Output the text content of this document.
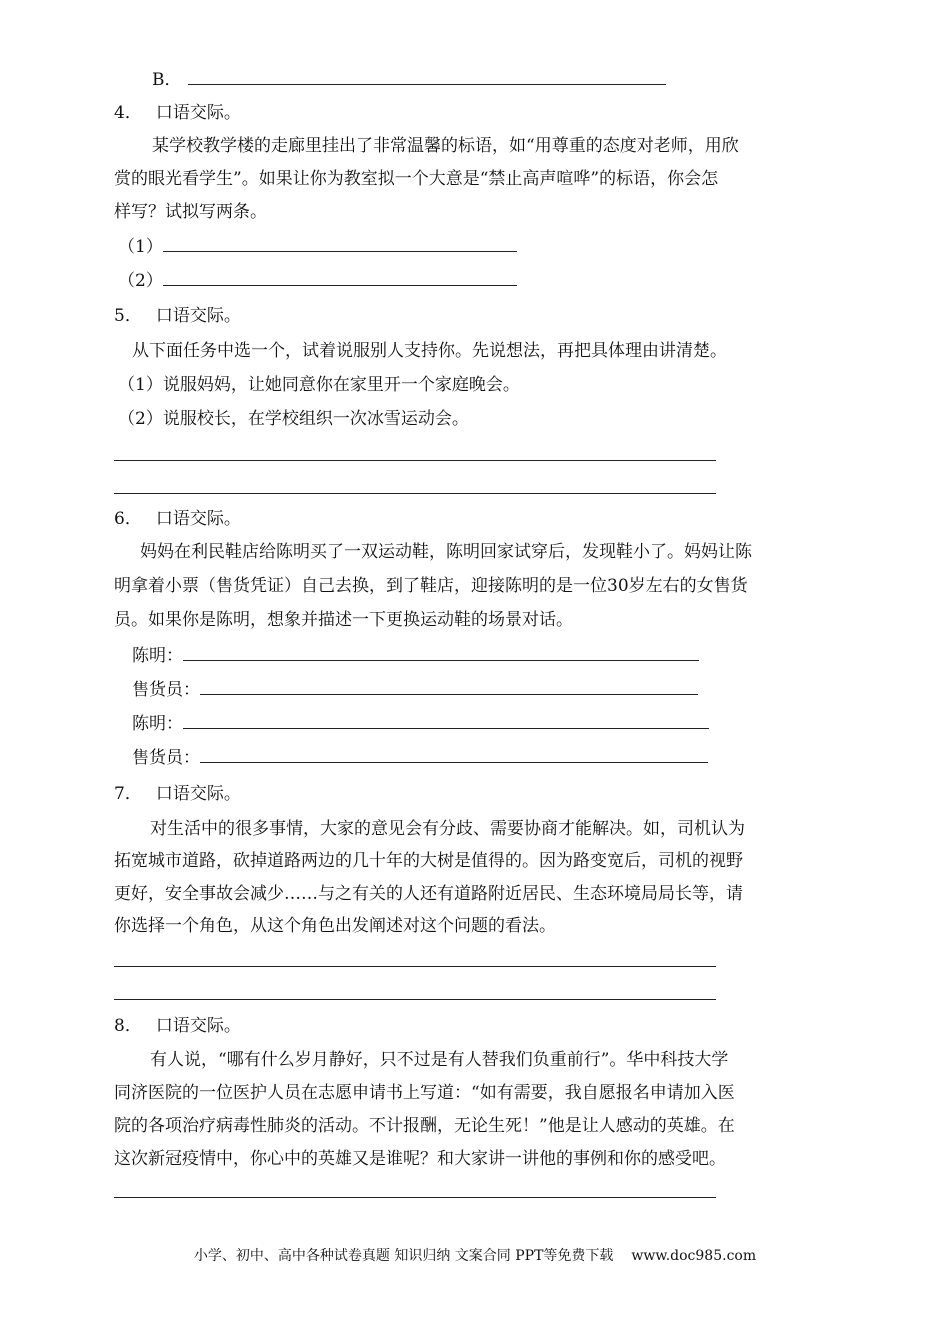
B．
4． 口语交际。
某学校教学楼的走廊里挂出了非常温馨的标语，如“用尊重的态度对老师，用欣
赏的眼光看学生”。如果让你为教室拟一个大意是“禁止高声喧哗”的标语，你会怎
样写？试拟写两条。
（1）
（2）
5． 口语交际。
从下面任务中选一个，试着说服别人支持你。先说想法，再把具体理由讲清楚。
（1）说服妈妈，让她同意你在家里开一个家庭晚会。
（2）说服校长，在学校组织一次冰雪运动会。
6． 口语交际。
妈妈在利民鞋店给陈明买了一双运动鞋，陈明回家试穿后，发现鞋小了。妈妈让陈
明拿着小票（售货凭证）自己去换，到了鞋店，迎接陈明的是一位30岁左右的女售货
员。如果你是陈明，想象并描述一下更换运动鞋的场景对话。
陈明：
售货员：
陈明：
售货员：
7． 口语交际。
对生活中的很多事情，大家的意见会有分歧、需要协商才能解决。如，司机认为
拓宽城市道路，砍掉道路两边的几十年的大树是值得的。因为路变宽后，司机的视野
更好，安全事故会减少……与之有关的人还有道路附近居民、生态环境局局长等，请
你选择一个角色，从这个角色出发阐述对这个问题的看法。
8． 口语交际。
有人说，“哪有什么岁月静好，只不过是有人替我们负重前行”。华中科技大学
同济医院的一位医护人员在志愿申请书上写道：“如有需要，我自愿报名申请加入医
院的各项治疗病毒性肺炎的活动。不计报酬，无论生死！”他是让人感动的英雄。在
这次新冠疫情中，你心中的英雄又是谁呢？和大家讲一讲他的事例和你的感受吧。
小学、初中、高中各种试卷真题 知识归纳 文案合同 PPT等免费下载 www.doc985.com
